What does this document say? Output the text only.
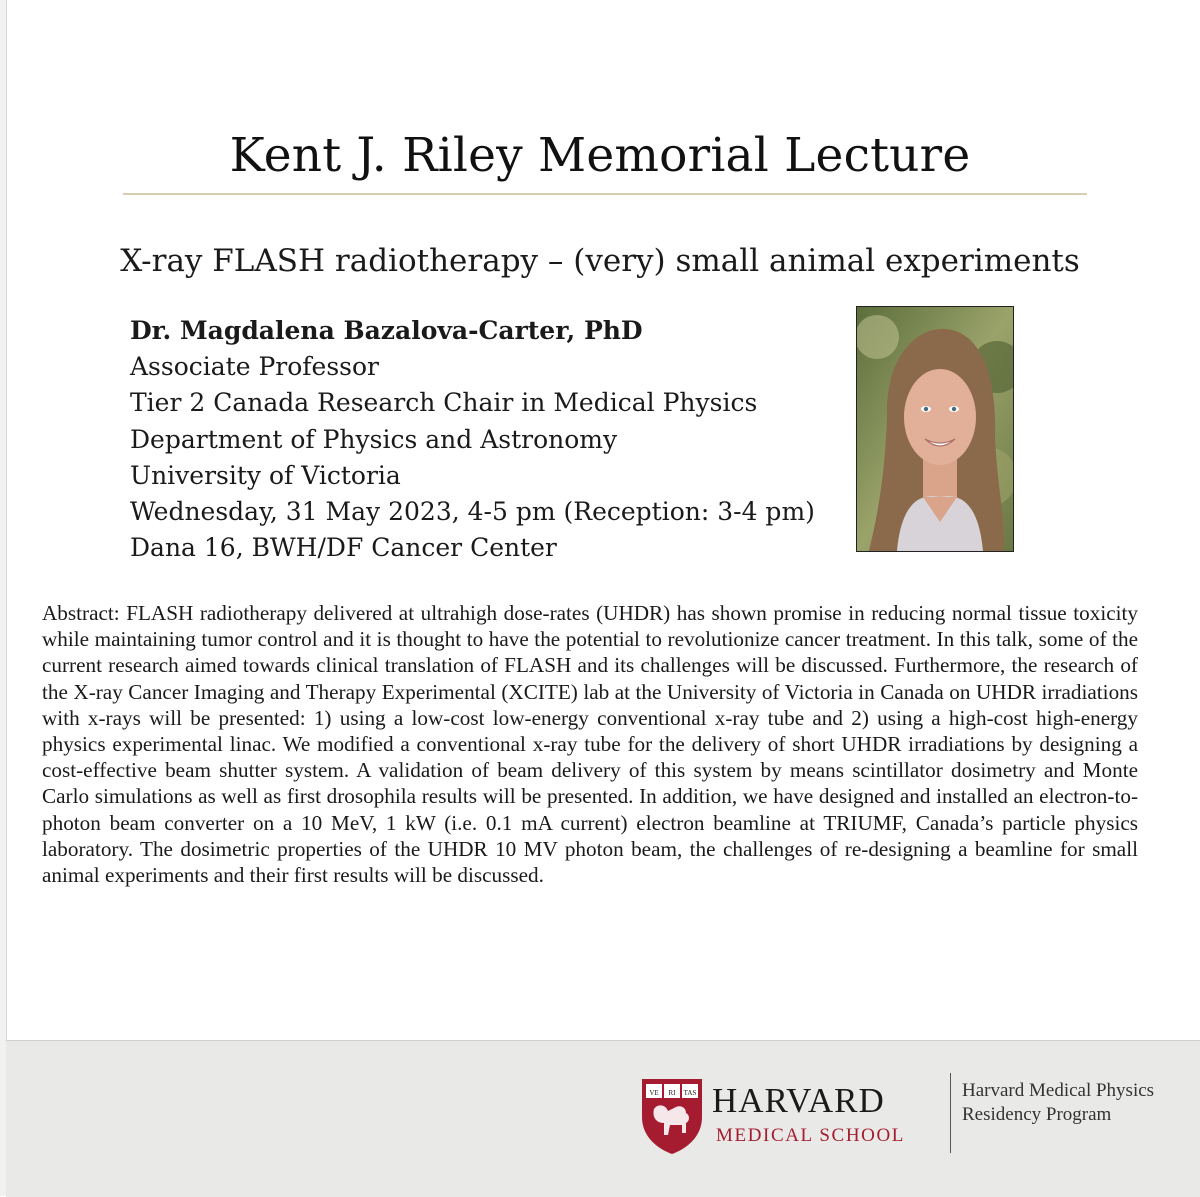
Kent J. Riley Memorial Lecture
X-ray FLASH radiotherapy – (very) small animal experiments
Dr. Magdalena Bazalova-Carter, PhD
Associate Professor
Tier 2 Canada Research Chair in Medical Physics
Department of Physics and Astronomy
University of Victoria
Wednesday, 31 May 2023, 4-5 pm (Reception: 3-4 pm)
Dana 16, BWH/DF Cancer Center
Abstract: FLASH radiotherapy delivered at ultrahigh dose-rates (UHDR) has shown promise in reducing normal tissue toxicity while maintaining tumor control and it is thought to have the potential to revolutionize cancer treatment. In this talk, some of the current research aimed towards clinical translation of FLASH and its challenges will be discussed. Furthermore, the research of the X-ray Cancer Imaging and Therapy Experimental (XCITE) lab at the University of Victoria in Canada on UHDR irradiations with x-rays will be presented: 1) using a low-cost low-energy conventional x-ray tube and 2) using a high-cost high-energy physics experimental linac. We modified a conventional x-ray tube for the delivery of short UHDR irradiations by designing a cost-effective beam shutter system. A validation of beam delivery of this system by means scintillator dosimetry and Monte Carlo simulations as well as first drosophila results will be presented. In addition, we have designed and installed an electron-to-photon beam converter on a 10 MeV, 1 kW (i.e. 0.1 mA current) electron beamline at TRIUMF, Canada’s particle physics laboratory. The dosimetric properties of the UHDR 10 MV photon beam, the challenges of re-designing a beamline for small animal experiments and their first results will be discussed.
VE RI TAS HARVARD
MEDICAL SCHOOL
Harvard Medical Physics
Residency Program
